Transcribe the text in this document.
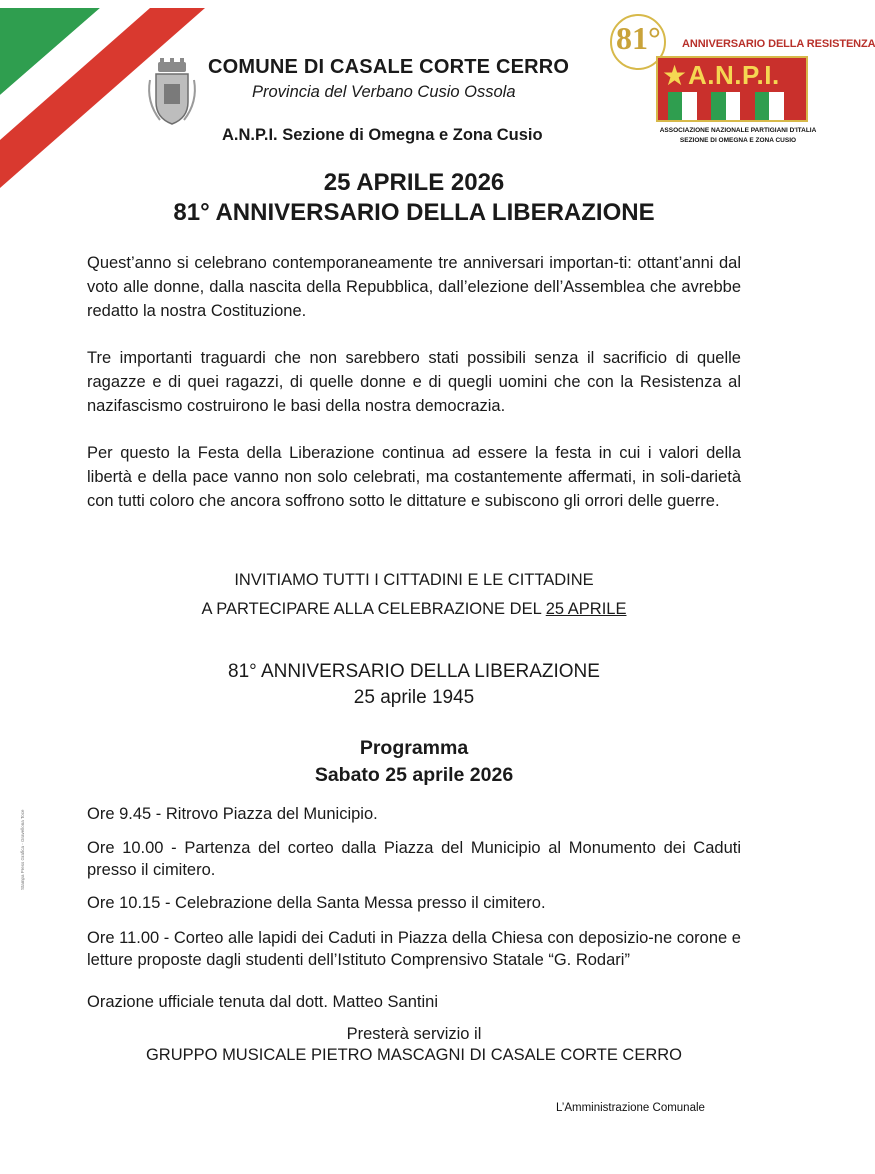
COMUNE DI CASALE CORTE CERRO
Provincia del Verbano Cusio Ossola
A.N.P.I. Sezione di Omegna e Zona Cusio
81° ANNIVERSARIO DELLA RESISTENZA
★ A.N.P.I.
ASSOCIAZIONE NAZIONALE PARTIGIANI D'ITALIA
SEZIONE DI OMEGNA E ZONA CUSIO
25 APRILE 2026
81° ANNIVERSARIO DELLA LIBERAZIONE

Quest’anno si celebrano contemporaneamente tre anniversari importan-ti: ottant’anni dal voto alle donne, dalla nascita della Repubblica, dall’elezione dell’Assemblea che avrebbe redatto la nostra Costituzione.

Tre importanti traguardi che non sarebbero stati possibili senza il sacrificio di quelle ragazze e di quei ragazzi, di quelle donne e di quegli uomini che con la Resistenza al nazifascismo costruirono le basi della nostra democrazia.

Per questo la Festa della Liberazione continua ad essere la festa in cui i valori della libertà e della pace vanno non solo celebrati, ma costantemente affermati, in soli-darietà con tutti coloro che ancora soffrono sotto le dittature e subiscono gli orrori delle guerre.

INVITIAMO TUTTI I CITTADINI E LE CITTADINE
A PARTECIPARE ALLA CELEBRAZIONE DEL 25 APRILE
81° ANNIVERSARIO DELLA LIBERAZIONE
25 aprile 1945
Programma
Sabato 25 aprile 2026

Ore 9.45 - Ritrovo Piazza del Municipio.

Ore 10.00 - Partenza del corteo dalla Piazza del Municipio al Monumento dei Caduti presso il cimitero.

Ore 10.15 - Celebrazione della Santa Messa presso il cimitero.

Ore 11.00 - Corteo alle lapidi dei Caduti in Piazza della Chiesa con deposizio-ne corone e letture proposte dagli studenti dell’Istituto Comprensivo Statale “G. Rodari”

Orazione ufficiale tenuta dal dott. Matteo Santini

Presterà servizio il
GRUPPO MUSICALE PIETRO MASCAGNI DI CASALE CORTE CERRO
L’Amministrazione Comunale
Stampa Press Grafica - Gravellona Toce
